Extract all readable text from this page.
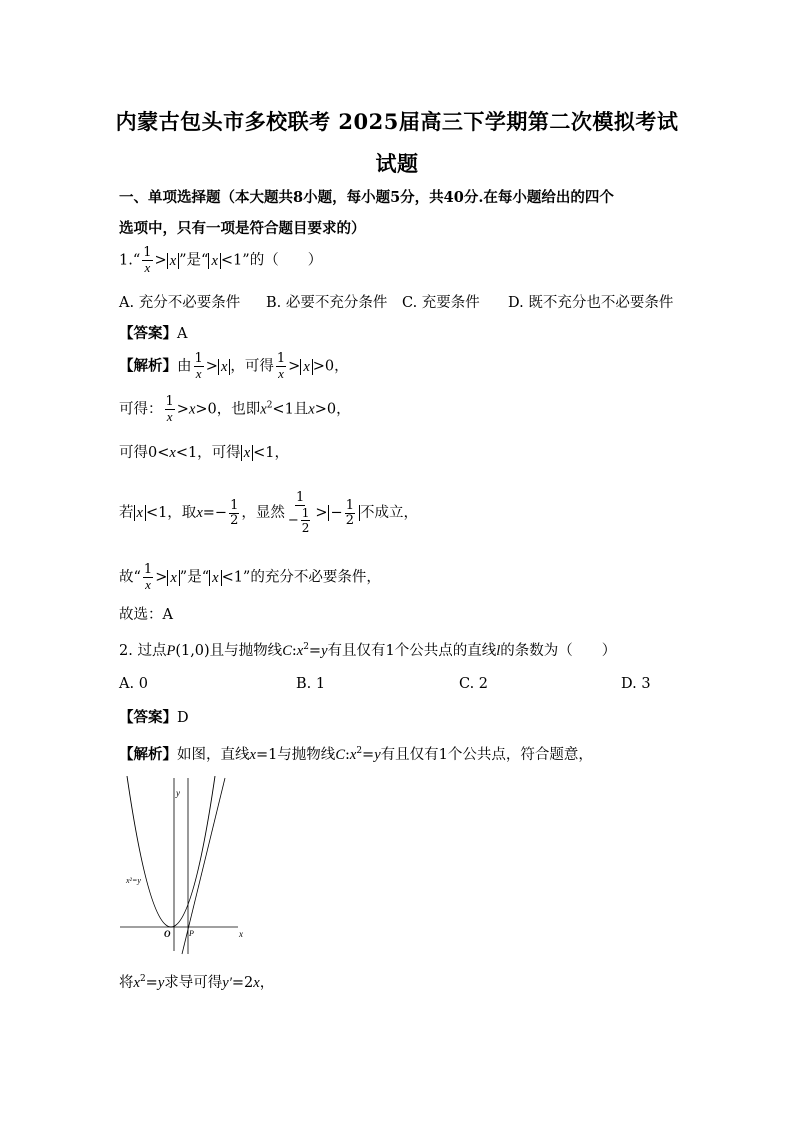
内蒙古包头市多校联考 2025届高三下学期第二次模拟考试
试题
一、单项选择题（本大题共8小题，每小题5分，共40分.在每小题给出的四个
选项中，只有一项是符合题目要求的）
1.“ $\frac{1}{x} > x$ ”是“ x <1”的（　　）
A. 充分不必要条件 B. 必要不充分条件 C. 充要条件 D. 既不充分也不必要条件
【答案】A
【解析】由 $\frac{1}{x} > x$ ，可得 $\frac{1}{x} > x >0$，
可得： $\frac{1}{x} >x>0$，也即$x^2<1$且x>0，
可得0<x<1，可得 x <1，
若 x <1，取$x=- \frac{1}{2}$ ，显然 $\frac{1}{- \frac{1}{2}}$ > − $\frac{1}{2}$ 不成立，
故“ $\frac{1}{x} > x$ ”是“ x <1”的充分不必要条件，
故选：A
2. 过点P(1,0)且与抛物线$C:x^2=y$有且仅有1个公共点的直线l的条数为（　　）
A. 0	B. 1	C. 2	D. 3
【答案】D
【解析】如图，直线x=1与抛物线$C:x^2=y$有且仅有1个公共点，符合题意，
y
x
x²=y
O P
将$x^2=y$求导可得y′=2x，
